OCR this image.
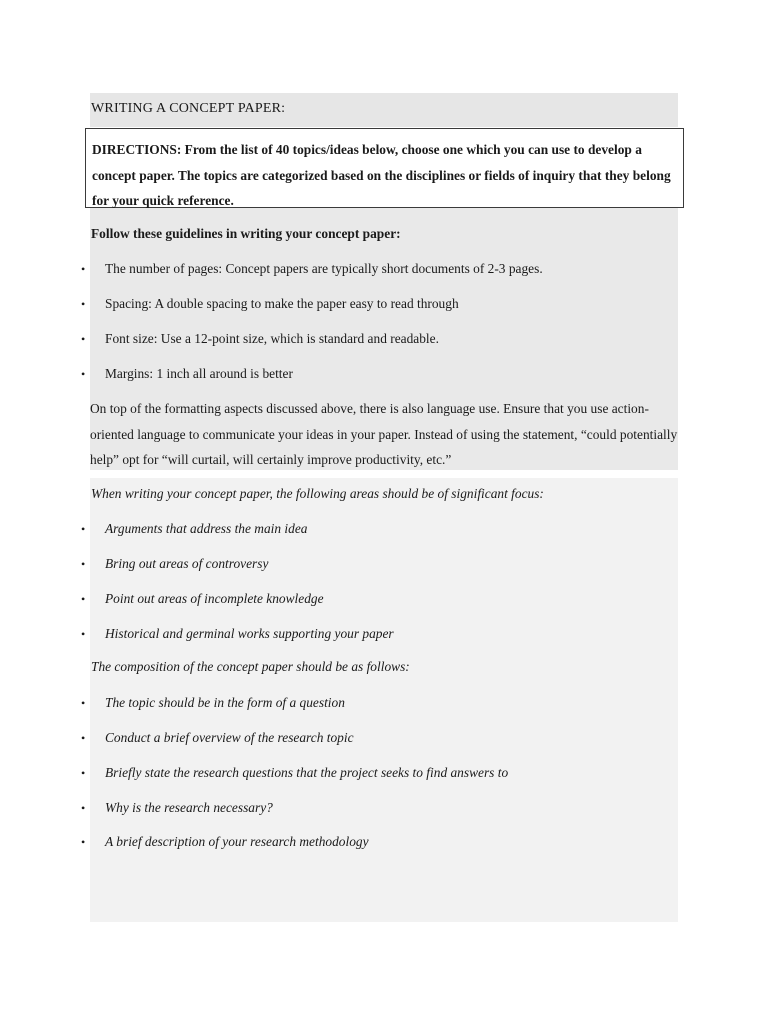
WRITING A CONCEPT PAPER:
DIRECTIONS: From the list of 40 topics/ideas below, choose one which you can use to develop a concept paper. The topics are categorized based on the disciplines or fields of inquiry that they belong for your quick reference.

Follow these guidelines in writing your concept paper:

• The number of pages: Concept papers are typically short documents of 2-3 pages.
• Spacing: A double spacing to make the paper easy to read through
• Font size: Use a 12-point size, which is standard and readable.
• Margins: 1 inch all around is better

On top of the formatting aspects discussed above, there is also language use. Ensure that you use action-oriented language to communicate your ideas in your paper. Instead of using the statement, “could potentially help” opt for “will curtail, will certainly improve productivity, etc.”

When writing your concept paper, the following areas should be of significant focus:

• Arguments that address the main idea
• Bring out areas of controversy
• Point out areas of incomplete knowledge
• Historical and germinal works supporting your paper

The composition of the concept paper should be as follows:

• The topic should be in the form of a question
• Conduct a brief overview of the research topic
• Briefly state the research questions that the project seeks to find answers to
• Why is the research necessary?
• A brief description of your research methodology
